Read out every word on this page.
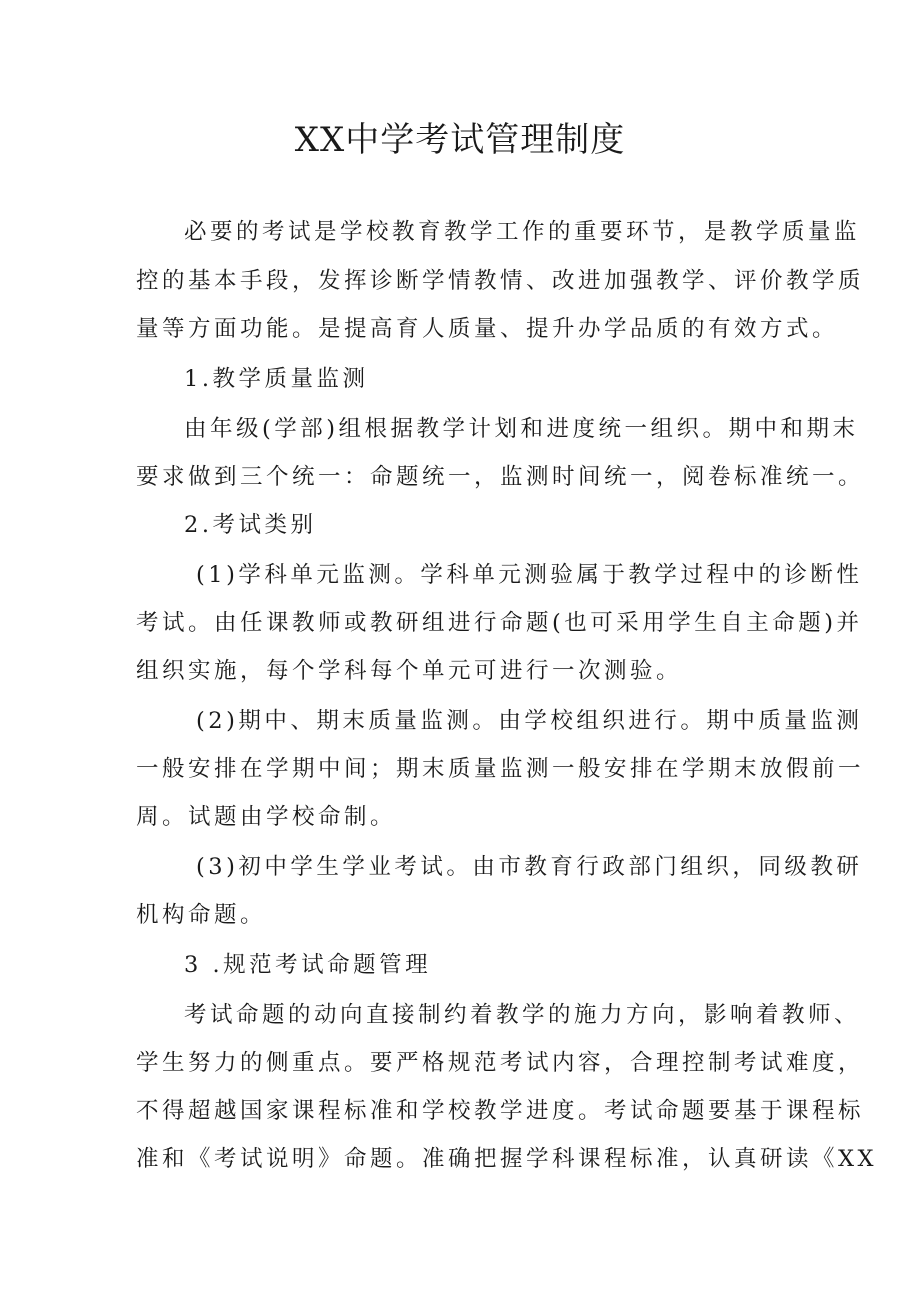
XX中学考试管理制度
必要的考试是学校教育教学工作的重要环节，是教学质量监
控的基本手段，发挥诊断学情教情、改进加强教学、评价教学质
量等方面功能。是提高育人质量、提升办学品质的有效方式。
1.教学质量监测
由年级(学部)组根据教学计划和进度统一组织。期中和期末
要求做到三个统一：命题统一，监测时间统一，阅卷标准统一。
2.考试类别
(1)学科单元监测。学科单元测验属于教学过程中的诊断性
考试。由任课教师或教研组进行命题(也可采用学生自主命题)并
组织实施，每个学科每个单元可进行一次测验。
(2)期中、期末质量监测。由学校组织进行。期中质量监测
一般安排在学期中间；期末质量监测一般安排在学期末放假前一
周。试题由学校命制。
(3)初中学生学业考试。由市教育行政部门组织，同级教研
机构命题。
3 .规范考试命题管理
考试命题的动向直接制约着教学的施力方向，影响着教师、
学生努力的侧重点。要严格规范考试内容，合理控制考试难度，
不得超越国家课程标准和学校教学进度。考试命题要基于课程标
准和《考试说明》命题。准确把握学科课程标准，认真研读《XX
